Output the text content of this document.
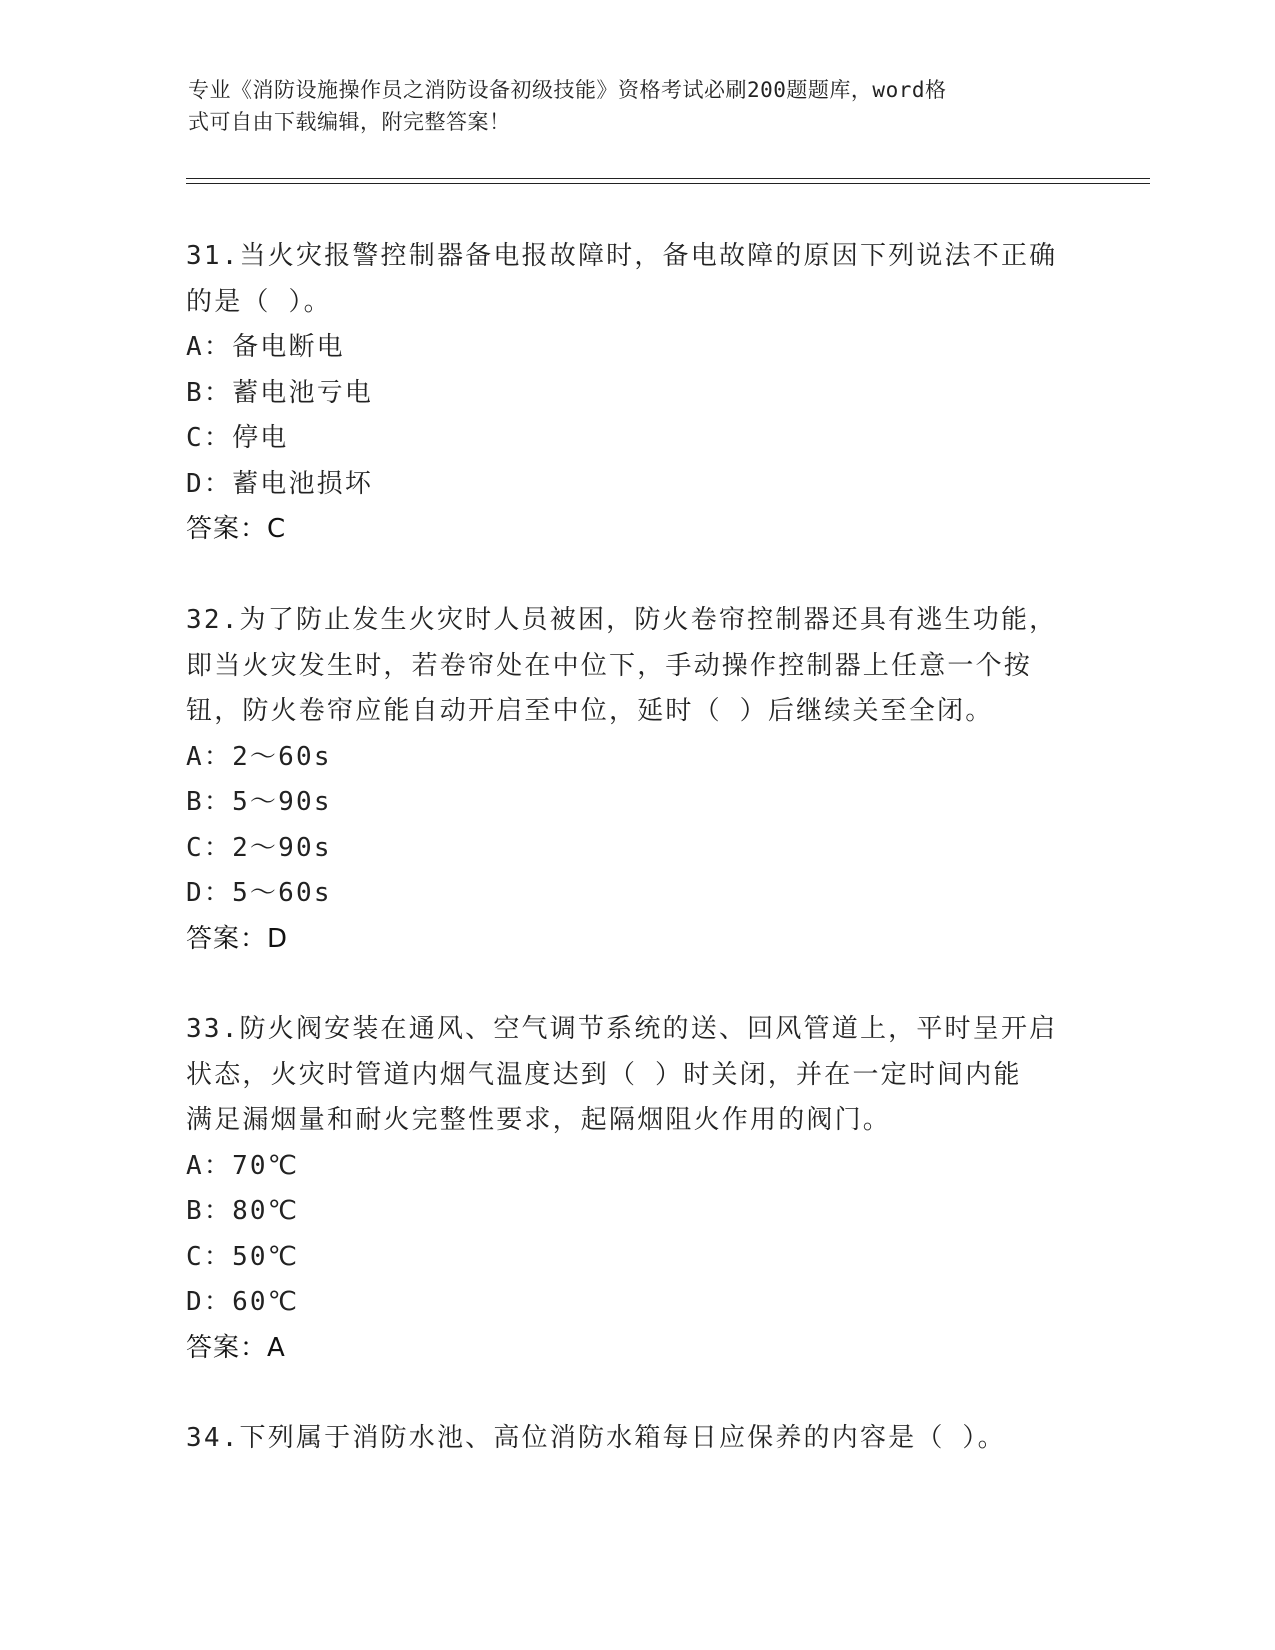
专业《消防设施操作员之消防设备初级技能》资格考试必刷200题题库，word格
式可自由下载编辑，附完整答案！

31.当火灾报警控制器备电报故障时，备电故障的原因下列说法不正确

的是（ ）。

A：备电断电

B：蓄电池亏电

C：停电

D：蓄电池损坏

答案：C

32.为了防止发生火灾时人员被困，防火卷帘控制器还具有逃生功能，

即当火灾发生时，若卷帘处在中位下，手动操作控制器上任意一个按

钮，防火卷帘应能自动开启至中位，延时（ ）后继续关至全闭。

A：2～60s

B：5～90s

C：2～90s

D：5～60s

答案：D

33.防火阀安装在通风、空气调节系统的送、回风管道上，平时呈开启

状态，火灾时管道内烟气温度达到（ ）时关闭，并在一定时间内能

满足漏烟量和耐火完整性要求，起隔烟阻火作用的阀门。

A：70℃

B：80℃

C：50℃

D：60℃

答案：A

34.下列属于消防水池、高位消防水箱每日应保养的内容是（ ）。
